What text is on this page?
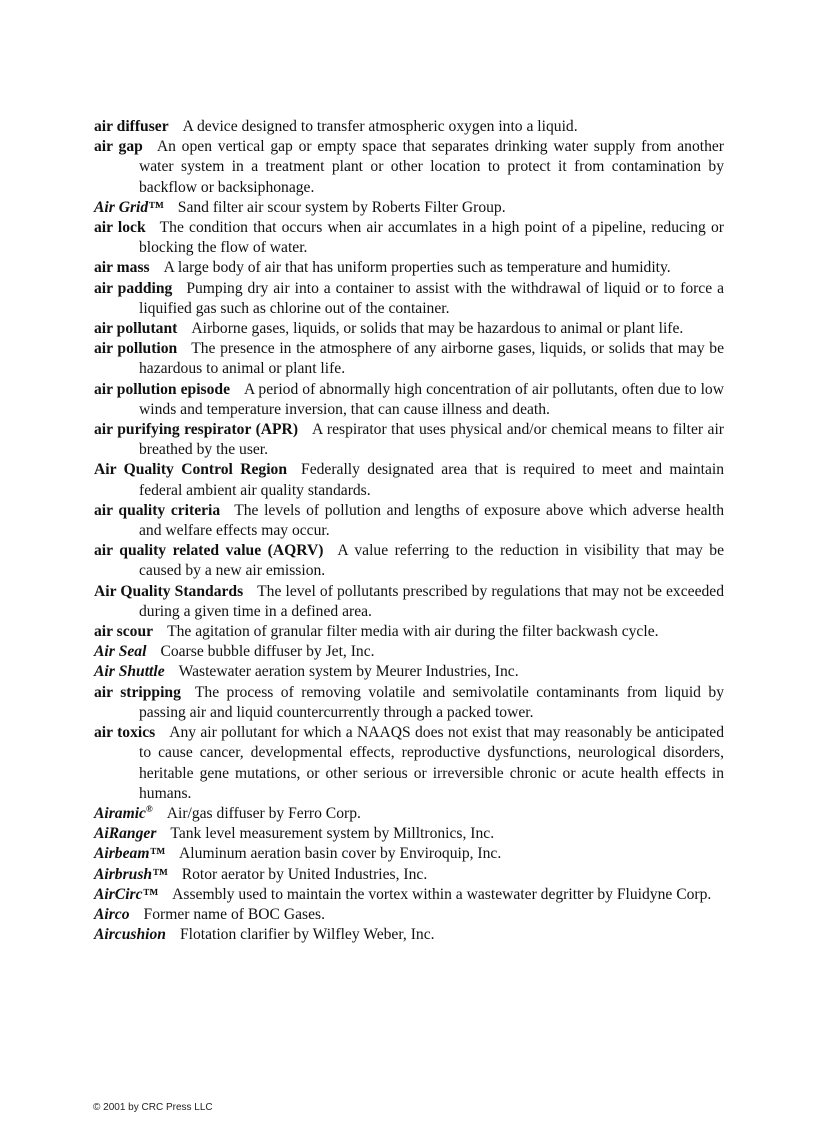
air diffuser A device designed to transfer atmospheric oxygen into a liquid.

air gap An open vertical gap or empty space that separates drinking water supply from another water system in a treatment plant or other location to protect it from contamination by backflow or backsiphonage.

Air Grid™ Sand filter air scour system by Roberts Filter Group.

air lock The condition that occurs when air accumlates in a high point of a pipeline, reducing or blocking the flow of water.

air mass A large body of air that has uniform properties such as temperature and humidity.

air padding Pumping dry air into a container to assist with the withdrawal of liquid or to force a liquified gas such as chlorine out of the container.

air pollutant Airborne gases, liquids, or solids that may be hazardous to animal or plant life.

air pollution The presence in the atmosphere of any airborne gases, liquids, or solids that may be hazardous to animal or plant life.

air pollution episode A period of abnormally high concentration of air pollutants, often due to low winds and temperature inversion, that can cause illness and death.

air purifying respirator (APR) A respirator that uses physical and/or chemical means to filter air breathed by the user.

Air Quality Control Region Federally designated area that is required to meet and maintain federal ambient air quality standards.

air quality criteria The levels of pollution and lengths of exposure above which adverse health and welfare effects may occur.

air quality related value (AQRV) A value referring to the reduction in visibility that may be caused by a new air emission.

Air Quality Standards The level of pollutants prescribed by regulations that may not be exceeded during a given time in a defined area.

air scour The agitation of granular filter media with air during the filter backwash cycle.

Air Seal Coarse bubble diffuser by Jet, Inc.

Air Shuttle Wastewater aeration system by Meurer Industries, Inc.

air stripping The process of removing volatile and semivolatile contaminants from liquid by passing air and liquid countercurrently through a packed tower.

air toxics Any air pollutant for which a NAAQS does not exist that may reasonably be anticipated to cause cancer, developmental effects, reproductive dysfunctions, neurological disorders, heritable gene mutations, or other serious or irreversible chronic or acute health effects in humans.

Airamic® Air/gas diffuser by Ferro Corp.

AiRanger Tank level measurement system by Milltronics, Inc.

Airbeam™ Aluminum aeration basin cover by Enviroquip, Inc.

Airbrush™ Rotor aerator by United Industries, Inc.

AirCirc™ Assembly used to maintain the vortex within a wastewater degritter by Fluidyne Corp.

Airco Former name of BOC Gases.

Aircushion Flotation clarifier by Wilfley Weber, Inc.

© 2001 by CRC Press LLC
